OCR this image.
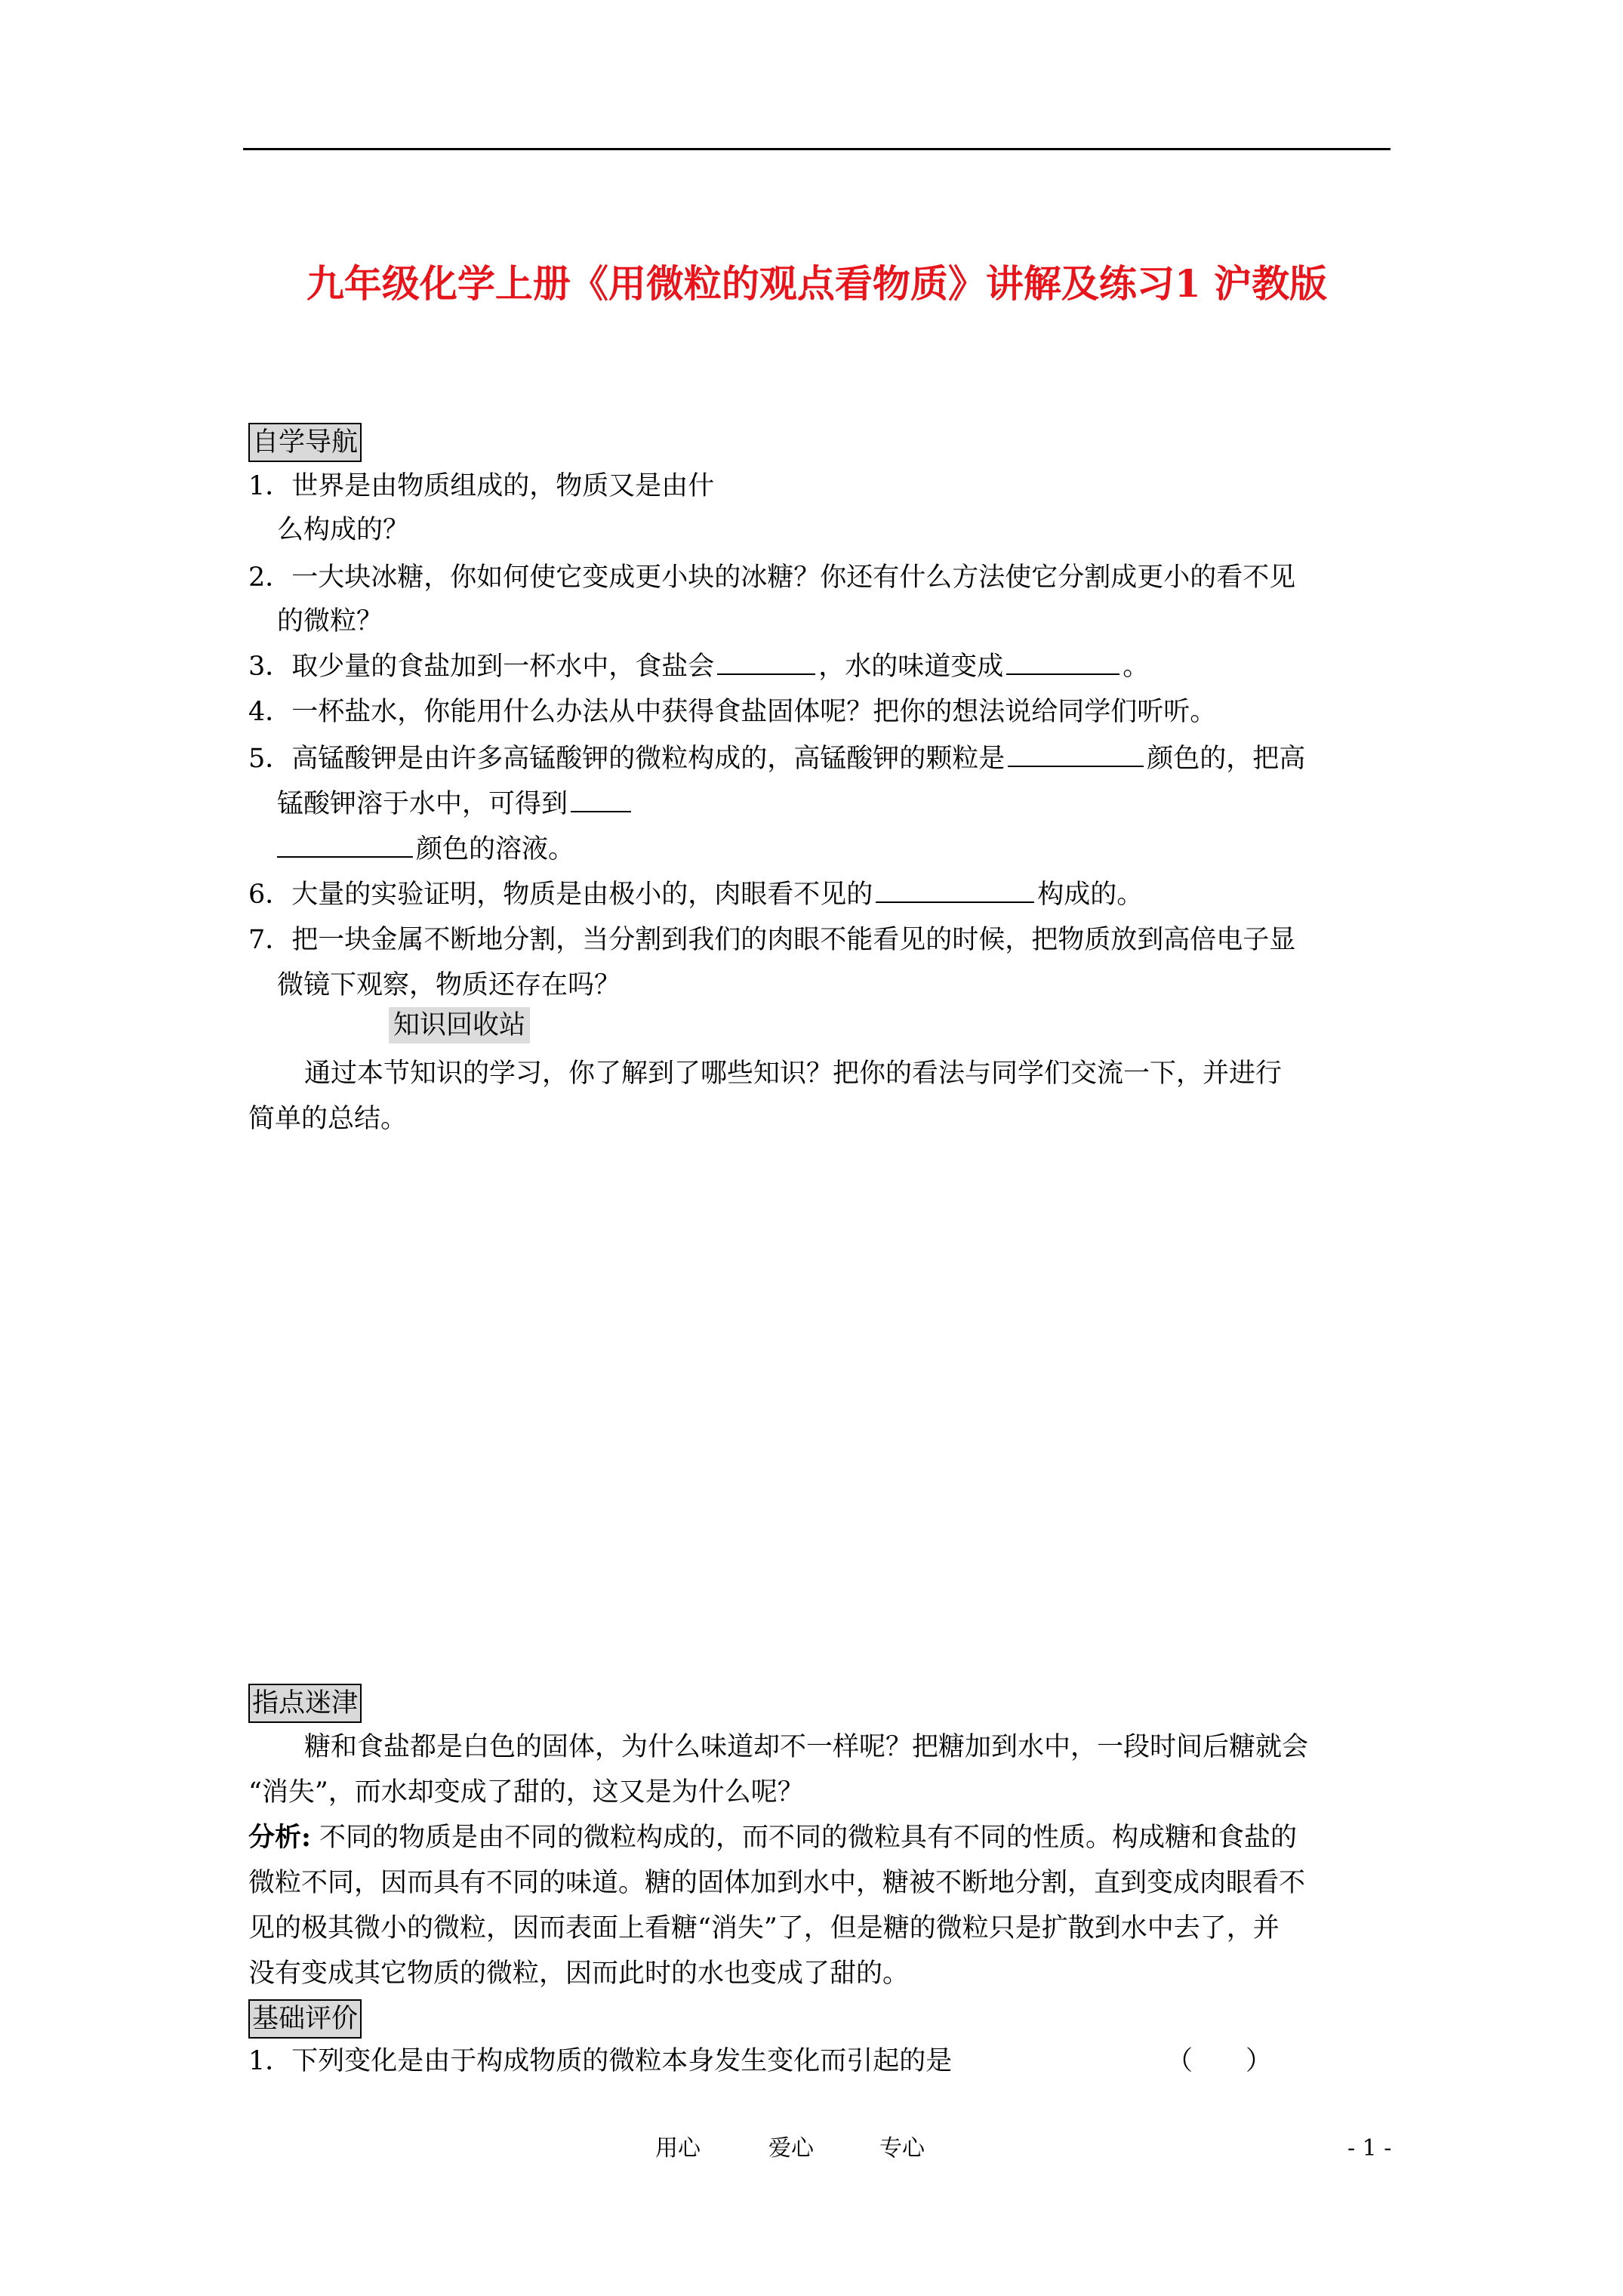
九年级化学上册《用微粒的观点看物质》讲解及练习1 沪教版
自学导航
1．世界是由物质组成的，物质又是由什
么构成的？
2．一大块冰糖，你如何使它变成更小块的冰糖？你还有什么方法使它分割成更小的看不见
的微粒？
3．取少量的食盐加到一杯水中，食盐会	，水的味道变成	。
4．一杯盐水，你能用什么办法从中获得食盐固体呢？把你的想法说给同学们听听。
5．高锰酸钾是由许多高锰酸钾的微粒构成的，高锰酸钾的颗粒是	颜色的，把高
锰酸钾溶于水中，可得到
颜色的溶液。
6．大量的实验证明，物质是由极小的，肉眼看不见的	构成的。
7．把一块金属不断地分割，当分割到我们的肉眼不能看见的时候，把物质放到高倍电子显
微镜下观察，物质还存在吗？
知识回收站
通过本节知识的学习，你了解到了哪些知识？把你的看法与同学们交流一下，并进行
简单的总结。
指点迷津
糖和食盐都是白色的固体，为什么味道却不一样呢？把糖加到水中，一段时间后糖就会
“消失”，而水却变成了甜的，这又是为什么呢？
分析: 不同的物质是由不同的微粒构成的，而不同的微粒具有不同的性质。构成糖和食盐的
微粒不同，因而具有不同的味道。糖的固体加到水中，糖被不断地分割，直到变成肉眼看不
见的极其微小的微粒，因而表面上看糖“消失”了，但是糖的微粒只是扩散到水中去了，并
没有变成其它物质的微粒，因而此时的水也变成了甜的。
基础评价
1．下列变化是由于构成物质的微粒本身发生变化而引起的是	（　　）
用心	爱心	专心	- 1 -
